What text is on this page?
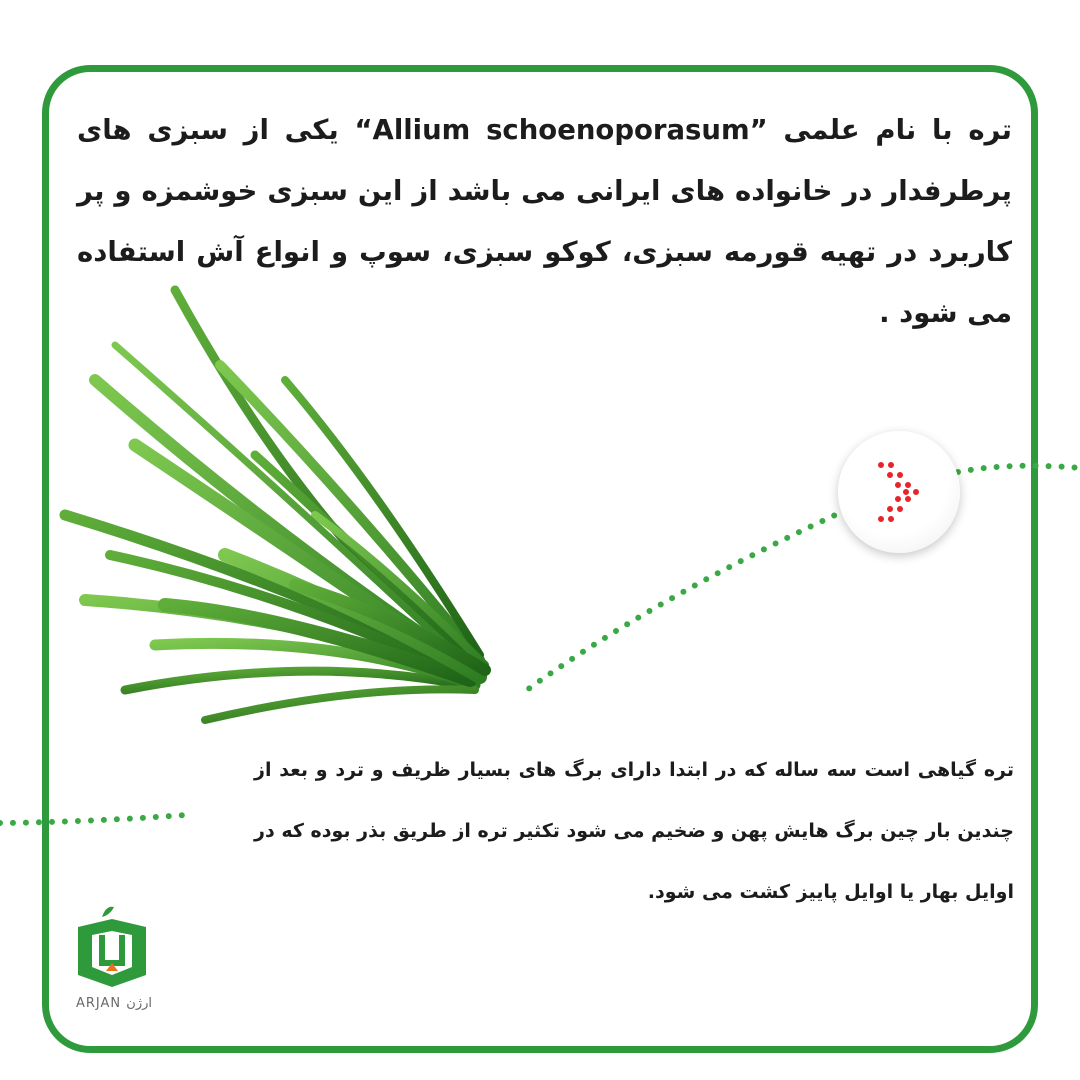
تره با نام علمی ”Allium schoenoporasum“ یکی از سبزی های پرطرفدار در خانواده های ایرانی می باشد از این سبزی خوشمزه و پر کاربرد در تهیه قورمه سبزی، کوکو سبزی، سوپ و انواع آش استفاده می شود .
تره گیاهی است سه ساله که در ابتدا دارای برگ های بسیار ظریف و ترد و بعد از چندین بار چین برگ هایش پهن و ضخیم می شود تکثیر تره از طریق بذر بوده که در اوایل بهار یا اوایل پاییز کشت می شود.
ARJAN ارژن
